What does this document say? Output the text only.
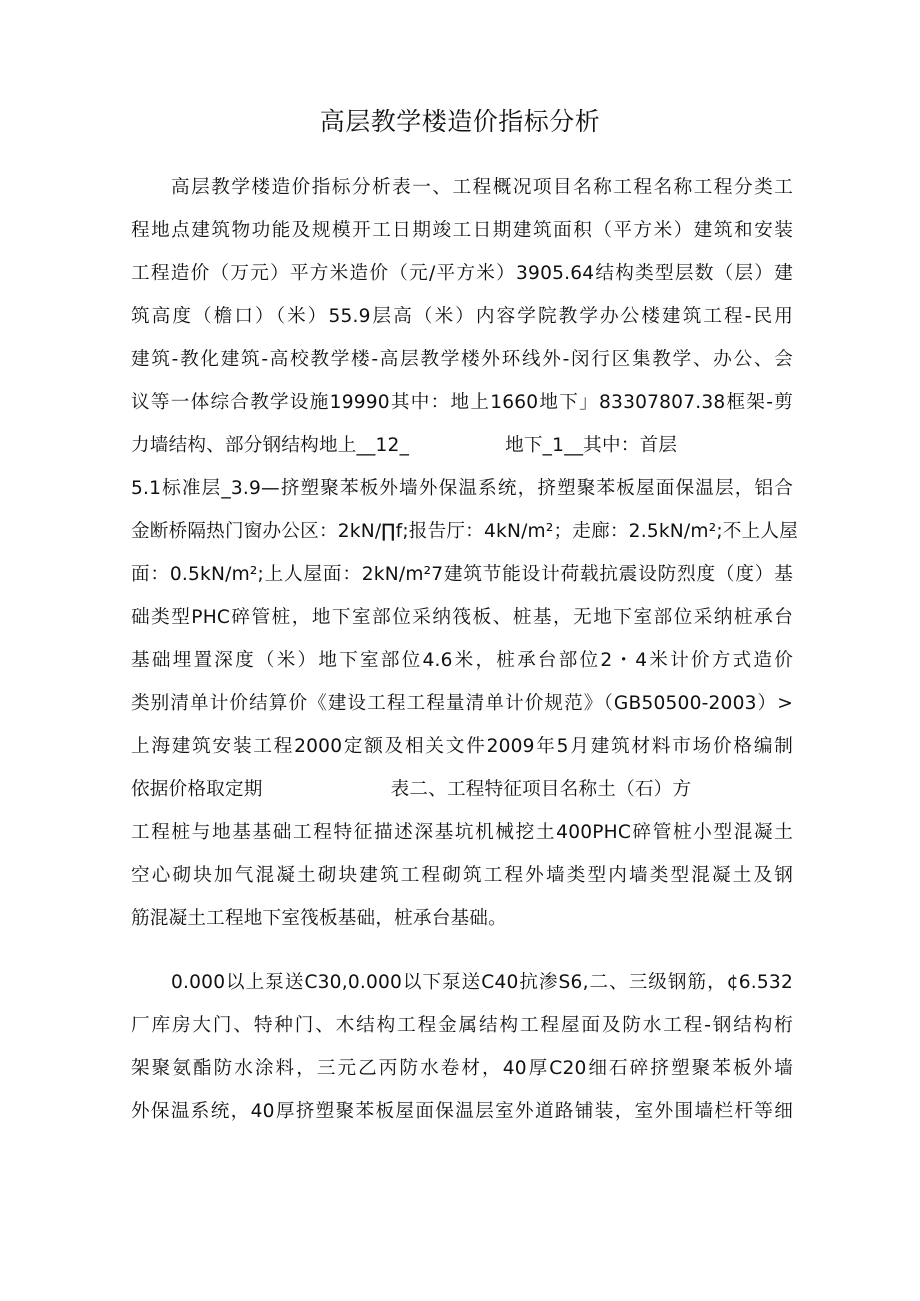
高层教学楼造价指标分析
高层教学楼造价指标分析表一、工程概况项目名称工程名称工程分类工
程地点建筑物功能及规模开工日期竣工日期建筑面积（平方米）建筑和安装
工程造价（万元）平方米造价（元/平方米）3905.64结构类型层数（层）建
筑高度（檐口）（米）55.9层高（米）内容学院教学办公楼建筑工程-民用
建筑-教化建筑-高校教学楼-高层教学楼外环线外-闵行区集教学、办公、会
议等一体综合教学设施19990其中：地上1660地下」83307807.38框架-剪
力墙结构、部分钢结构地上__12_	地下_1__其中：首层
5.1标准层_3.9—挤塑聚苯板外墙外保温系统，挤塑聚苯板屋面保温层，铝合
金断桥隔热门窗办公区：2kN∕∏f;报告厅：4kN∕m²；走廊：2.5kN∕m²;不上人屋
面：0.5kN∕m²;上人屋面：2kN∕m²7建筑节能设计荷载抗震设防烈度（度）基
础类型PHC碎管桩，地下室部位采纳筏板、桩基，无地下室部位采纳桩承台
基础埋置深度（米）地下室部位4.6米，桩承台部位2・4米计价方式造价
类别清单计价结算价《建设工程工程量清单计价规范》（GB50500-2003）>
上海建筑安装工程2000定额及相关文件2009年5月建筑材料市场价格编制
依据价格取定期	表二、工程特征项目名称土（石）方
工程桩与地基基础工程特征描述深基坑机械挖土400PHC碎管桩小型混凝土
空心砌块加气混凝土砌块建筑工程砌筑工程外墙类型内墙类型混凝土及钢
筋混凝土工程地下室筏板基础，桩承台基础。
0.000以上泵送C30,0.000以下泵送C40抗渗S6,二、三级钢筋，¢6.532
厂库房大门、特种门、木结构工程金属结构工程屋面及防水工程-钢结构桁
架聚氨酯防水涂料，三元乙丙防水卷材，40厚C20细石碎挤塑聚苯板外墙
外保温系统，40厚挤塑聚苯板屋面保温层室外道路铺装，室外围墙栏杆等细
